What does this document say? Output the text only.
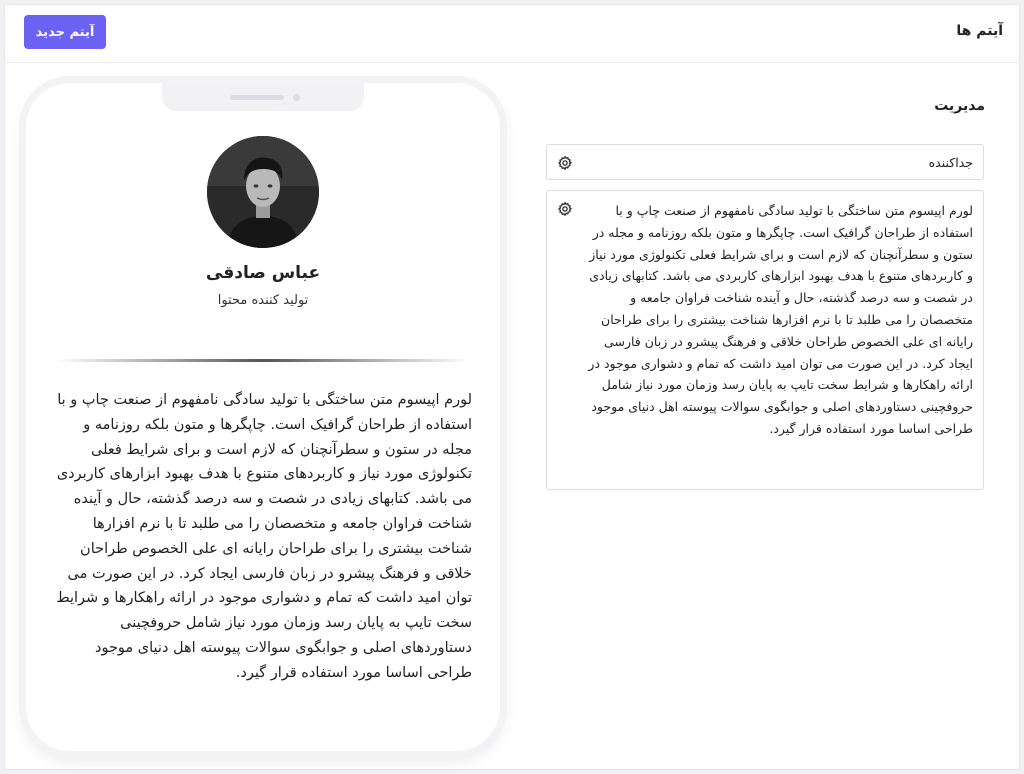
آیتم ها
آیتم جدید
مدیریت
جداکننده
لورم اپیسوم متن ساختگی با تولید سادگی نامفهوم از صنعت چاپ و با استفاده از طراحان گرافیک است. چاپگرها و متون بلکه روزنامه و مجله در ستون و سطرآنچنان که لازم است و برای شرایط فعلی تکنولوژی مورد نیاز و کاربردهای متنوع با هدف بهبود ابزارهای کاربردی می باشد. کتابهای زیادی در شصت و سه درصد گذشته، حال و آینده شناخت فراوان جامعه و متخصصان را می طلبد تا با نرم افزارها شناخت بیشتری را برای طراحان رایانه ای علی الخصوص طراحان خلاقی و فرهنگ پیشرو در زبان فارسی ایجاد کرد. در این صورت می توان امید داشت که تمام و دشواری موجود در ارائه راهکارها و شرایط سخت تایپ به پایان رسد وزمان مورد نیاز شامل حروفچینی دستاوردهای اصلی و جوابگوی سوالات پیوسته اهل دنیای موجود طراحی اساسا مورد استفاده قرار گیرد.
عباس صادقی
تولید کننده محتوا
لورم اپیسوم متن ساختگی با تولید سادگی نامفهوم از صنعت چاپ و با استفاده از طراحان گرافیک است. چاپگرها و متون بلکه روزنامه و مجله در ستون و سطرآنچنان که لازم است و برای شرایط فعلی تکنولوژی مورد نیاز و کاربردهای متنوع با هدف بهبود ابزارهای کاربردی می باشد. کتابهای زیادی در شصت و سه درصد گذشته، حال و آینده شناخت فراوان جامعه و متخصصان را می طلبد تا با نرم افزارها شناخت بیشتری را برای طراحان رایانه ای علی الخصوص طراحان خلاقی و فرهنگ پیشرو در زبان فارسی ایجاد کرد. در این صورت می توان امید داشت که تمام و دشواری موجود در ارائه راهکارها و شرایط سخت تایپ به پایان رسد وزمان مورد نیاز شامل حروفچینی دستاوردهای اصلی و جوابگوی سوالات پیوسته اهل دنیای موجود طراحی اساسا مورد استفاده قرار گیرد.
